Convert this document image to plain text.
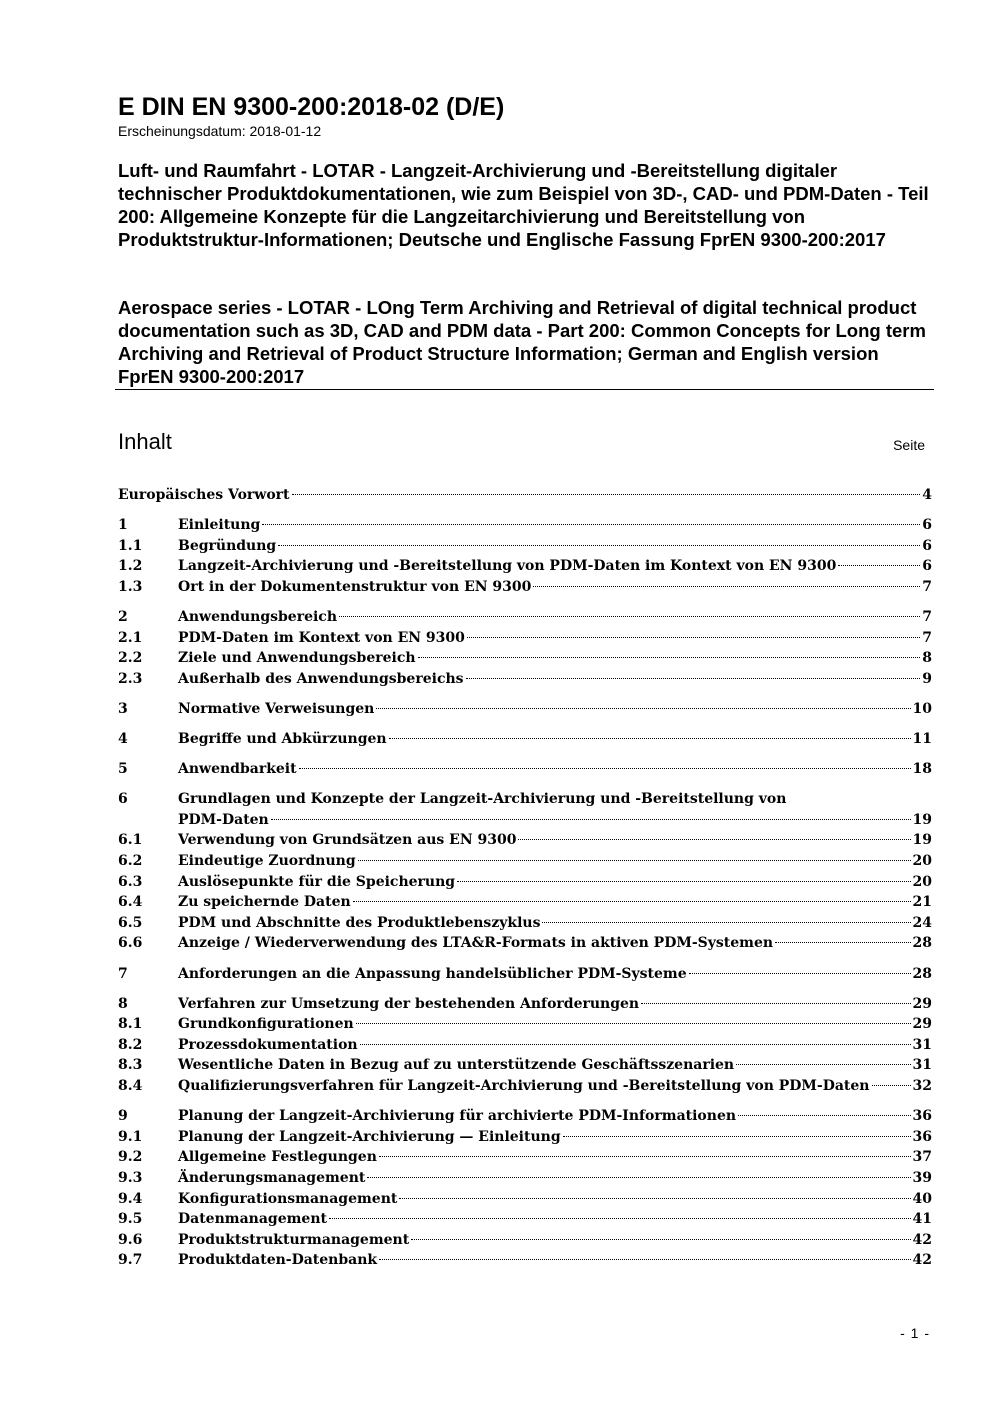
E DIN EN 9300-200:2018-02 (D/E)
Erscheinungsdatum: 2018-01-12
Luft- und Raumfahrt - LOTAR - Langzeit-Archivierung und -Bereitstellung digitaler technischer Produktdokumentationen, wie zum Beispiel von 3D-, CAD- und PDM-Daten - Teil 200: Allgemeine Konzepte für die Langzeitarchivierung und Bereitstellung von Produktstruktur-Informationen; Deutsche und Englische Fassung FprEN 9300-200:2017
Aerospace series - LOTAR - LOng Term Archiving and Retrieval of digital technical product documentation such as 3D, CAD and PDM data - Part 200: Common Concepts for Long term Archiving and Retrieval of Product Structure Information; German and English version FprEN 9300-200:2017
Inhalt	Seite
Europäisches Vorwort	4
1	Einleitung	6
1.1	Begründung	6
1.2	Langzeit-Archivierung und -Bereitstellung von PDM-Daten im Kontext von EN 9300	6
1.3	Ort in der Dokumentenstruktur von EN 9300	7
2	Anwendungsbereich	7
2.1	PDM-Daten im Kontext von EN 9300	7
2.2	Ziele und Anwendungsbereich	8
2.3	Außerhalb des Anwendungsbereichs	9
3	Normative Verweisungen	10
4	Begriffe und Abkürzungen	11
5	Anwendbarkeit	18
6	Grundlagen und Konzepte der Langzeit-Archivierung und -Bereitstellung von
PDM-Daten	19
6.1	Verwendung von Grundsätzen aus EN 9300	19
6.2	Eindeutige Zuordnung	20
6.3	Auslösepunkte für die Speicherung	20
6.4	Zu speichernde Daten	21
6.5	PDM und Abschnitte des Produktlebenszyklus	24
6.6	Anzeige / Wiederverwendung des LTA&R-Formats in aktiven PDM-Systemen	28
7	Anforderungen an die Anpassung handelsüblicher PDM-Systeme	28
8	Verfahren zur Umsetzung der bestehenden Anforderungen	29
8.1	Grundkonfigurationen	29
8.2	Prozessdokumentation	31
8.3	Wesentliche Daten in Bezug auf zu unterstützende Geschäftsszenarien	31
8.4	Qualifizierungsverfahren für Langzeit-Archivierung und -Bereitstellung von PDM-Daten	32
9	Planung der Langzeit-Archivierung für archivierte PDM-Informationen	36
9.1	Planung der Langzeit-Archivierung — Einleitung	36
9.2	Allgemeine Festlegungen	37
9.3	Änderungsmanagement	39
9.4	Konfigurationsmanagement	40
9.5	Datenmanagement	41
9.6	Produktstrukturmanagement	42
9.7	Produktdaten-Datenbank	42
- 1 -
